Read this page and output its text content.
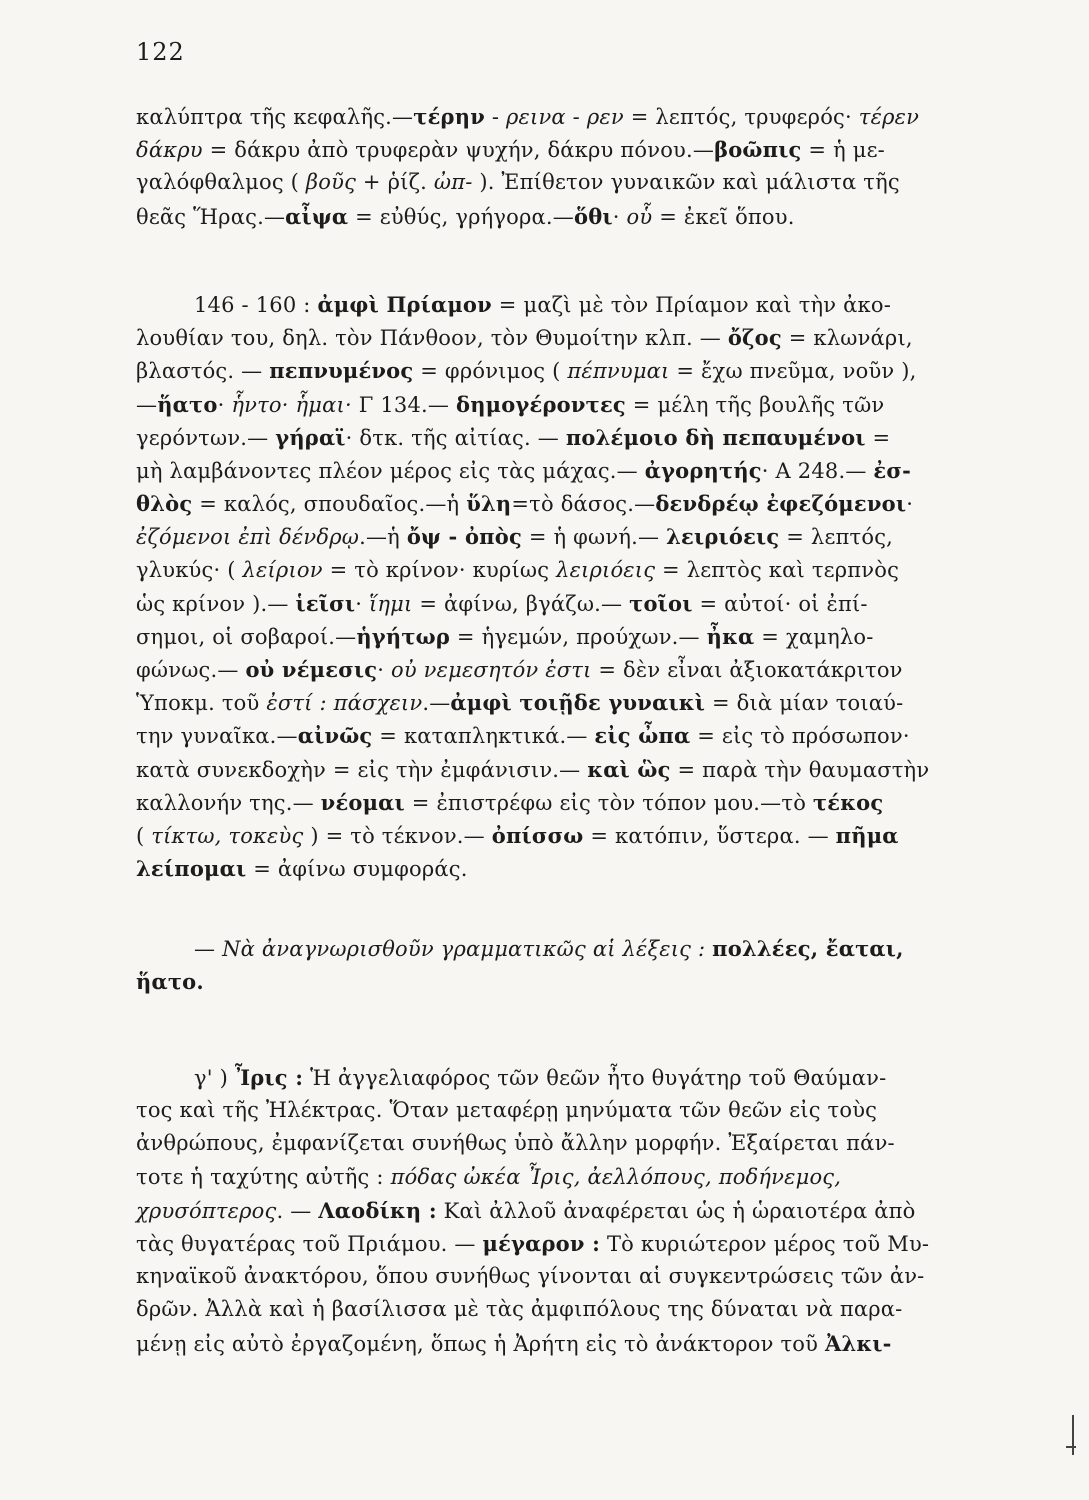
122
καλύπτρα τῆς κεφαλῆς.—τέρην - ρεινα - ρεν = λεπτός, τρυφερός· τέρεν
δάκρυ = δάκρυ ἀπὸ τρυφερὰν ψυχήν, δάκρυ πόνου.—βοῶπις = ἡ με-
γαλόφθαλμος ( βοῦς + ῥίζ. ὠπ- ). Ἐπίθετον γυναικῶν καὶ μάλιστα τῆς
θεᾶς Ἥρας.—αἶψα = εὐθύς, γρήγορα.—ὅθι· οὗ = ἐκεῖ ὅπου.
146 - 160 : ἀμφὶ Πρίαμον = μαζὶ μὲ τὸν Πρίαμον καὶ τὴν ἀκο-
λουθίαν του, δηλ. τὸν Πάνθοον, τὸν Θυμοίτην κλπ. — ὄζος = κλωνάρι,
βλαστός. — πεπνυμένος = φρόνιμος ( πέπνυμαι = ἔχω πνεῦμα, νοῦν ),
—ἥατο· ἧντο· ἧμαι· Γ 134.— δημογέροντες = μέλη τῆς βουλῆς τῶν
γερόντων.— γήραϊ· δτκ. τῆς αἰτίας. — πολέμοιο δὴ πεπαυμένοι =
μὴ λαμβάνοντες πλέον μέρος εἰς τὰς μάχας.— ἀγορητής· Α 248.— ἐσ-
θλὸς = καλός, σπουδαῖος.—ἡ ὕλη=τὸ δάσος.—δενδρέῳ ἐφεζόμενοι·
ἐζόμενοι ἐπὶ δένδρῳ.—ἡ ὄψ - ὀπὸς = ἡ φωνή.— λειριόεις = λεπτός,
γλυκύς· ( λείριον = τὸ κρίνον· κυρίως λειριόεις = λεπτὸς καὶ τερπνὸς
ὡς κρίνον ).— ἱεῖσι· ἵημι = ἀφίνω, βγάζω.— τοῖοι = αὐτοί· οἱ ἐπί-
σημοι, οἱ σοβαροί.—ἡγήτωρ = ἡγεμών, προύχων.— ἦκα = χαμηλο-
φώνως.— οὐ νέμεσις· οὐ νεμεσητόν ἐστι = δὲν εἶναι ἀξιοκατάκριτον
Ὑποκμ. τοῦ ἐστί : πάσχειν.—ἀμφὶ τοιῇδε γυναικὶ = διὰ μίαν τοιαύ-
την γυναῖκα.—αἰνῶς = καταπληκτικά.— εἰς ὦπα = εἰς τὸ πρόσωπον·
κατὰ συνεκδοχὴν = εἰς τὴν ἐμφάνισιν.— καὶ ὣς = παρὰ τὴν θαυμαστὴν
καλλονήν της.— νέομαι = ἐπιστρέφω εἰς τὸν τόπον μου.—τὸ τέκος
( τίκτω, τοκεὺς ) = τὸ τέκνον.— ὀπίσσω = κατόπιν, ὕστερα. — πῆμα
λείπομαι = ἀφίνω συμφοράς.
— Νὰ ἀναγνωρισθοῦν γραμματικῶς αἱ λέξεις : πολλέες, ἔαται,
ἥατο.
γ' ) Ἶρις : Ἡ ἀγγελιαφόρος τῶν θεῶν ἦτο θυγάτηρ τοῦ Θαύμαν-
τος καὶ τῆς Ἠλέκτρας. Ὅταν μεταφέρῃ μηνύματα τῶν θεῶν εἰς τοὺς
ἀνθρώπους, ἐμφανίζεται συνήθως ὑπὸ ἄλλην μορφήν. Ἐξαίρεται πάν-
τοτε ἡ ταχύτης αὐτῆς : πόδας ὠκέα Ἶρις, ἀελλόπους, ποδήνεμος,
χρυσόπτερος. — Λαοδίκη : Καὶ ἀλλοῦ ἀναφέρεται ὡς ἡ ὡραιοτέρα ἀπὸ
τὰς θυγατέρας τοῦ Πριάμου. — μέγαρον : Τὸ κυριώτερον μέρος τοῦ Μυ-
κηναϊκοῦ ἀνακτόρου, ὅπου συνήθως γίνονται αἱ συγκεντρώσεις τῶν ἀν-
δρῶν. Ἀλλὰ καὶ ἡ βασίλισσα μὲ τὰς ἀμφιπόλους της δύναται νὰ παρα-
μένῃ εἰς αὐτὸ ἐργαζομένη, ὅπως ἡ Ἀρήτη εἰς τὸ ἀνάκτορον τοῦ Ἀλκι-
